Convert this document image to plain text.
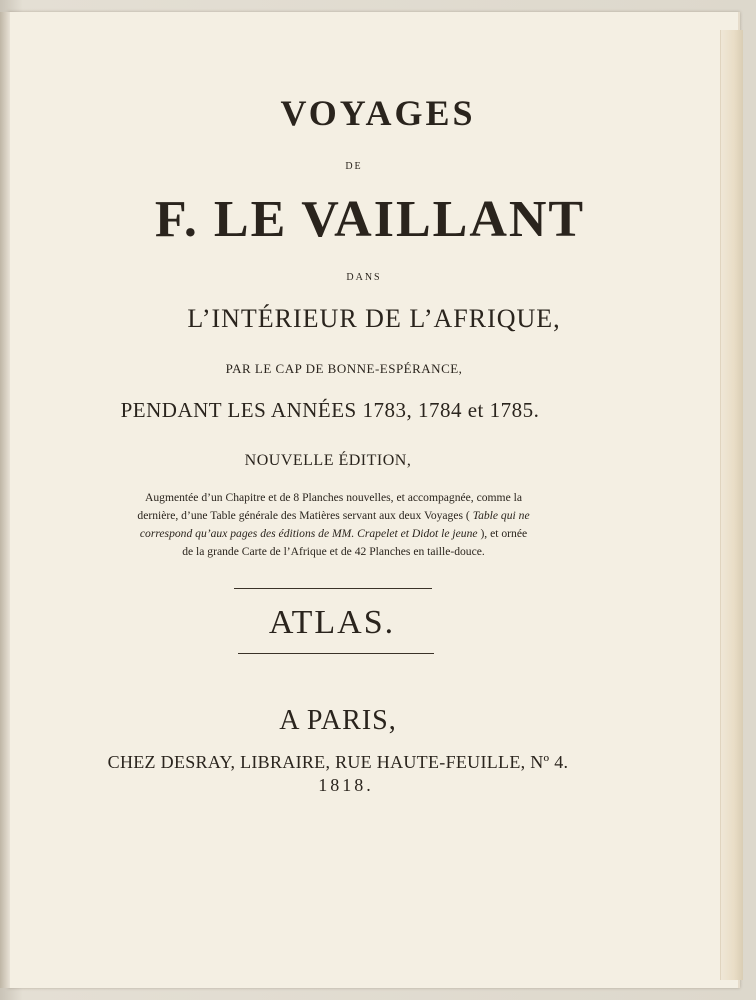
VOYAGES

DE

F. LE VAILLANT

DANS

L’INTÉRIEUR DE L’AFRIQUE,

PAR LE CAP DE BONNE-ESPÉRANCE,

PENDANT LES ANNÉES 1783, 1784 et 1785.

NOUVELLE ÉDITION,

Augmentée d’un Chapitre et de 8 Planches nouvelles, et accompagnée, comme la

dernière, d’une Table générale des Matières servant aux deux Voyages ( Table qui ne

correspond qu’aux pages des éditions de MM. Crapelet et Didot le jeune ), et ornée

de la grande Carte de l’Afrique et de 42 Planches en taille-douce.

ATLAS.

A PARIS,

CHEZ DESRAY, LIBRAIRE, RUE HAUTE-FEUILLE, Nº 4.

1818.
